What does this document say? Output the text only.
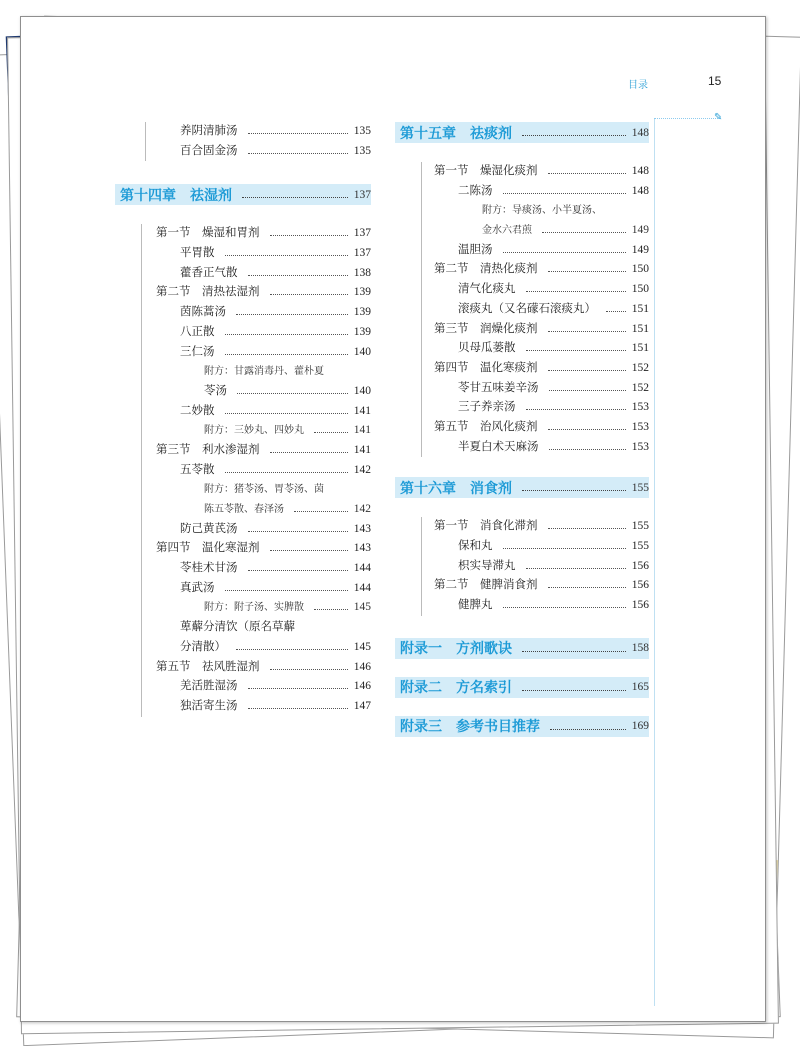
目录	15
✎
养阴清肺汤	135
百合固金汤	135
第十四章　祛湿剂	137
第一节　燥湿和胃剂	137
平胃散	137
藿香正气散	138
第二节　清热祛湿剂	139
茵陈蒿汤	139
八正散	139
三仁汤	140
附方：甘露消毒丹、藿朴夏
苓汤	140
二妙散	141
附方：三妙丸、四妙丸	141
第三节　利水渗湿剂	141
五苓散	142
附方：猪苓汤、胃苓汤、茵
陈五苓散、春泽汤	142
防己黄芪汤	143
第四节　温化寒湿剂	143
苓桂术甘汤	144
真武汤	144
附方：附子汤、实脾散	145
萆薢分清饮（原名草薢
分清散）	145
第五节　祛风胜湿剂	146
羌活胜湿汤	146
独活寄生汤	147
第十五章　祛痰剂	148
第一节　燥湿化痰剂	148
二陈汤	148
附方：导痰汤、小半夏汤、
金水六君煎	149
温胆汤	149
第二节　清热化痰剂	150
清气化痰丸	150
滚痰丸（又名礞石滚痰丸）	151
第三节　润燥化痰剂	151
贝母瓜蒌散	151
第四节　温化寒痰剂	152
苓甘五味姜辛汤	152
三子养亲汤	153
第五节　治风化痰剂	153
半夏白术天麻汤	153
第十六章　消食剂	155
第一节　消食化滞剂	155
保和丸	155
枳实导滞丸	156
第二节　健脾消食剂	156
健脾丸	156
附录一　方剂歌诀	158
附录二　方名索引	165
附录三　参考书目推荐	169
